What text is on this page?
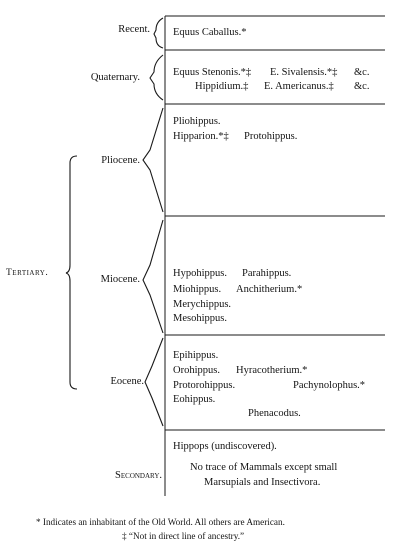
Recent.
Quaternary.
Pliocene.
Miocene.
Eocene.
Secondary.
Tertiary.
Equus Caballus.*
Equus Stenonis.*‡ E. Sivalensis.*‡ &c.
Hippidium.‡ E. Americanus.‡ &c.
Pliohippus.
Hipparion.*‡ Protohippus.
Hypohippus. Parahippus.
Miohippus. Anchitherium.*
Merychippus.
Mesohippus.
Epihippus.
Orohippus. Hyracotherium.*
Protorohippus.	Pachynolophus.*
Eohippus.
Phenacodus.
Hippops (undiscovered).
No trace of Mammals except small
Marsupials and Insectivora.
* Indicates an inhabitant of the Old World. All others are American.
‡ “Not in direct line of ancestry.”
